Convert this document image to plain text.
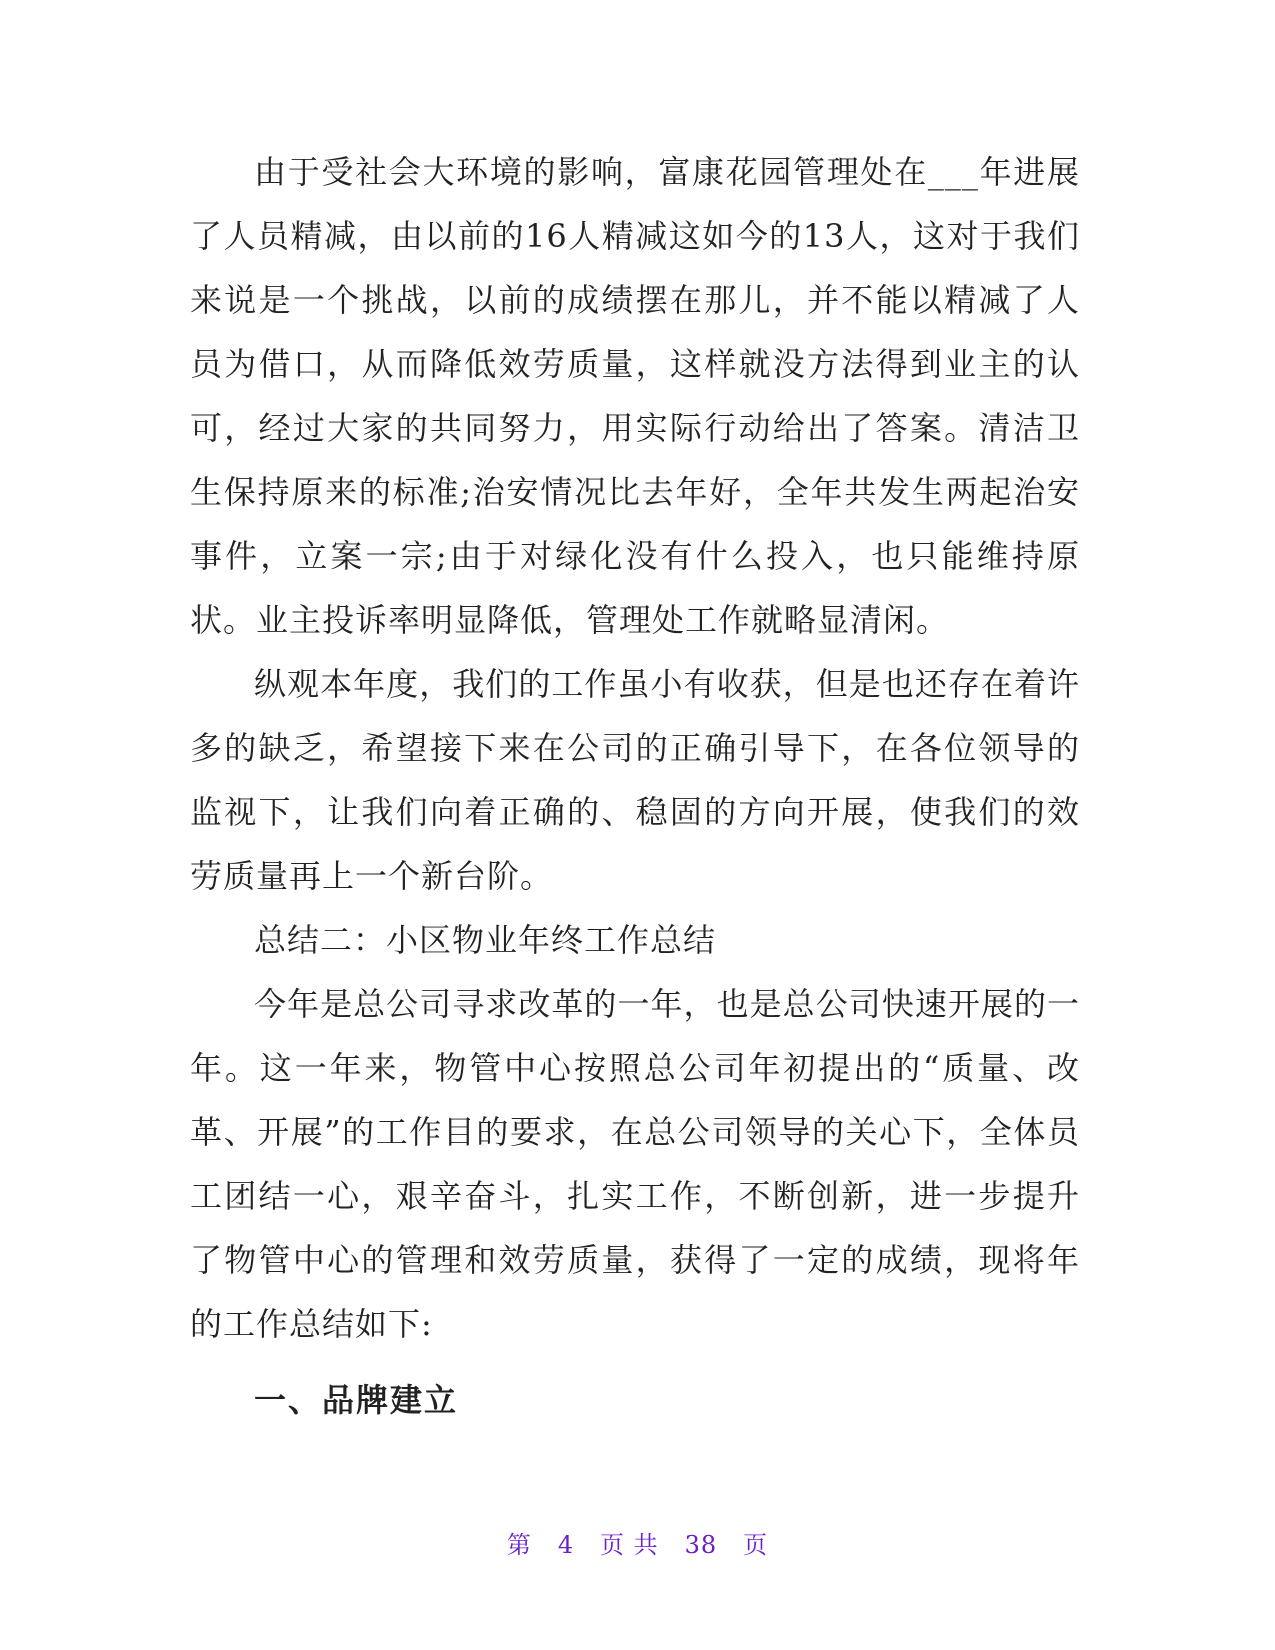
由于受社会大环境的影响，富康花园管理处在___年进展了人员精减，由以前的16人精减这如今的13人，这对于我们来说是一个挑战，以前的成绩摆在那儿，并不能以精减了人员为借口，从而降低效劳质量，这样就没方法得到业主的认可，经过大家的共同努力，用实际行动给出了答案。清洁卫生保持原来的标准;治安情况比去年好，全年共发生两起治安事件，立案一宗;由于对绿化没有什么投入，也只能维持原状。业主投诉率明显降低，管理处工作就略显清闲。

纵观本年度，我们的工作虽小有收获，但是也还存在着许多的缺乏，希望接下来在公司的正确引导下，在各位领导的监视下，让我们向着正确的、稳固的方向开展，使我们的效劳质量再上一个新台阶。

总结二：小区物业年终工作总结

今年是总公司寻求改革的一年，也是总公司快速开展的一年。这一年来，物管中心按照总公司年初提出的“质量、改革、开展”的工作目的要求，在总公司领导的关心下，全体员工团结一心，艰辛奋斗，扎实工作，不断创新，进一步提升了物管中心的管理和效劳质量，获得了一定的成绩，现将年的工作总结如下:

一、品牌建立

第 4 页 共 38 页
